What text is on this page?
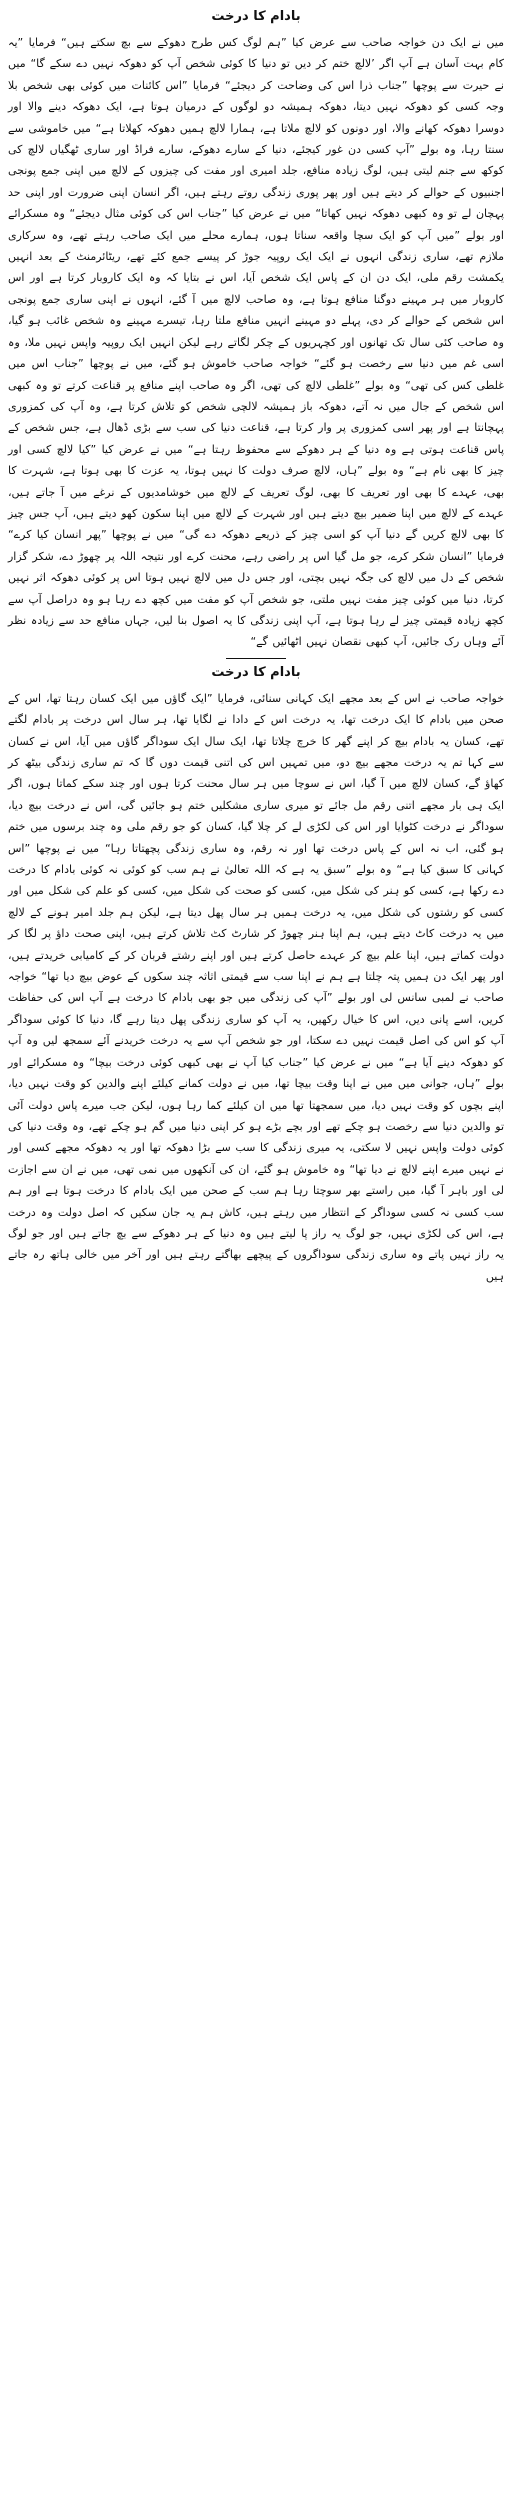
بادام کا درخت

میں نے ایک دن خواجہ صاحب سے عرض کیا ”ہم لوگ کس طرح دھوکے سے بچ سکتے ہیں“ فرمایا ”یہ کام بہت آسان ہے آپ اگر ’لالچ ختم کر دیں تو دنیا کا کوئی شخص آپ کو دھوکہ نہیں دے سکے گا“ میں نے حیرت سے پوچھا ”جناب ذرا اس کی وضاحت کر دیجئے“ فرمایا ”اس کائنات میں کوئی بھی شخص بلا وجہ کسی کو دھوکہ نہیں دیتا، دھوکہ ہمیشہ دو لوگوں کے درمیان ہوتا ہے، ایک دھوکہ دینے والا اور دوسرا دھوکہ کھانے والا، اور دونوں کو لالچ ملاتا ہے، ہمارا لالچ ہمیں دھوکہ کھلاتا ہے“ میں خاموشی سے سنتا رہا، وہ بولے ”آپ کسی دن غور کیجئے، دنیا کے سارے دھوکے، سارے فراڈ اور ساری ٹھگیاں لالچ کی کوکھ سے جنم لیتی ہیں، لوگ زیادہ منافع، جلد امیری اور مفت کی چیزوں کے لالچ میں اپنی جمع پونجی اجنبیوں کے حوالے کر دیتے ہیں اور پھر پوری زندگی روتے رہتے ہیں، اگر انسان اپنی ضرورت اور اپنی حد پہچان لے تو وہ کبھی دھوکہ نہیں کھاتا“ میں نے عرض کیا ”جناب اس کی کوئی مثال دیجئے“ وہ مسکرائے اور بولے ”میں آپ کو ایک سچا واقعہ سناتا ہوں، ہمارے محلے میں ایک صاحب رہتے تھے، وہ سرکاری ملازم تھے، ساری زندگی انہوں نے ایک ایک روپیہ جوڑ کر پیسے جمع کئے تھے، ریٹائرمنٹ کے بعد انہیں یکمشت رقم ملی، ایک دن ان کے پاس ایک شخص آیا، اس نے بتایا کہ وہ ایک کاروبار کرتا ہے اور اس کاروبار میں ہر مہینے دوگنا منافع ہوتا ہے، وہ صاحب لالچ میں آ گئے، انہوں نے اپنی ساری جمع پونجی اس شخص کے حوالے کر دی، پہلے دو مہینے انہیں منافع ملتا رہا، تیسرے مہینے وہ شخص غائب ہو گیا، وہ صاحب کئی سال تک تھانوں اور کچہریوں کے چکر لگاتے رہے لیکن انہیں ایک روپیہ واپس نہیں ملا، وہ اسی غم میں دنیا سے رخصت ہو گئے“ خواجہ صاحب خاموش ہو گئے، میں نے پوچھا ”جناب اس میں غلطی کس کی تھی“ وہ بولے ”غلطی لالچ کی تھی، اگر وہ صاحب اپنے منافع پر قناعت کرتے تو وہ کبھی اس شخص کے جال میں نہ آتے، دھوکہ باز ہمیشہ لالچی شخص کو تلاش کرتا ہے، وہ آپ کی کمزوری پہچانتا ہے اور پھر اسی کمزوری پر وار کرتا ہے، قناعت دنیا کی سب سے بڑی ڈھال ہے، جس شخص کے پاس قناعت ہوتی ہے وہ دنیا کے ہر دھوکے سے محفوظ رہتا ہے“ میں نے عرض کیا ”کیا لالچ کسی اور چیز کا بھی نام ہے“ وہ بولے ”ہاں، لالچ صرف دولت کا نہیں ہوتا، یہ عزت کا بھی ہوتا ہے، شہرت کا بھی، عہدے کا بھی اور تعریف کا بھی، لوگ تعریف کے لالچ میں خوشامدیوں کے نرغے میں آ جاتے ہیں، عہدے کے لالچ میں اپنا ضمیر بیچ دیتے ہیں اور شہرت کے لالچ میں اپنا سکون کھو دیتے ہیں، آپ جس چیز کا بھی لالچ کریں گے دنیا آپ کو اسی چیز کے ذریعے دھوکہ دے گی“ میں نے پوچھا ”پھر انسان کیا کرے“ فرمایا ”انسان شکر کرے، جو مل گیا اس پر راضی رہے، محنت کرے اور نتیجہ اللہ پر چھوڑ دے، شکر گزار شخص کے دل میں لالچ کی جگہ نہیں بچتی، اور جس دل میں لالچ نہیں ہوتا اس پر کوئی دھوکہ اثر نہیں کرتا، دنیا میں کوئی چیز مفت نہیں ملتی، جو شخص آپ کو مفت میں کچھ دے رہا ہو وہ دراصل آپ سے کچھ زیادہ قیمتی چیز لے رہا ہوتا ہے، آپ اپنی زندگی کا یہ اصول بنا لیں، جہاں منافع حد سے زیادہ نظر آئے وہاں رک جائیں، آپ کبھی نقصان نہیں اٹھائیں گے“

بادام کا درخت

خواجہ صاحب نے اس کے بعد مجھے ایک کہانی سنائی، فرمایا ”ایک گاؤں میں ایک کسان رہتا تھا، اس کے صحن میں بادام کا ایک درخت تھا، یہ درخت اس کے دادا نے لگایا تھا، ہر سال اس درخت پر بادام لگتے تھے، کسان یہ بادام بیچ کر اپنے گھر کا خرچ چلاتا تھا، ایک سال ایک سوداگر گاؤں میں آیا، اس نے کسان سے کہا تم یہ درخت مجھے بیچ دو، میں تمہیں اس کی اتنی قیمت دوں گا کہ تم ساری زندگی بیٹھ کر کھاؤ گے، کسان لالچ میں آ گیا، اس نے سوچا میں ہر سال محنت کرتا ہوں اور چند سکے کماتا ہوں، اگر ایک ہی بار مجھے اتنی رقم مل جائے تو میری ساری مشکلیں ختم ہو جائیں گی، اس نے درخت بیچ دیا، سوداگر نے درخت کٹوایا اور اس کی لکڑی لے کر چلا گیا، کسان کو جو رقم ملی وہ چند برسوں میں ختم ہو گئی، اب نہ اس کے پاس درخت تھا اور نہ رقم، وہ ساری زندگی پچھتاتا رہا“ میں نے پوچھا ”اس کہانی کا سبق کیا ہے“ وہ بولے ”سبق یہ ہے کہ اللہ تعالیٰ نے ہم سب کو کوئی نہ کوئی بادام کا درخت دے رکھا ہے، کسی کو ہنر کی شکل میں، کسی کو صحت کی شکل میں، کسی کو علم کی شکل میں اور کسی کو رشتوں کی شکل میں، یہ درخت ہمیں ہر سال پھل دیتا ہے، لیکن ہم جلد امیر ہونے کے لالچ میں یہ درخت کاٹ دیتے ہیں، ہم اپنا ہنر چھوڑ کر شارٹ کٹ تلاش کرتے ہیں، اپنی صحت داؤ پر لگا کر دولت کماتے ہیں، اپنا علم بیچ کر عہدے حاصل کرتے ہیں اور اپنے رشتے قربان کر کے کامیابی خریدتے ہیں، اور پھر ایک دن ہمیں پتہ چلتا ہے ہم نے اپنا سب سے قیمتی اثاثہ چند سکوں کے عوض بیچ دیا تھا“ خواجہ صاحب نے لمبی سانس لی اور بولے ”آپ کی زندگی میں جو بھی بادام کا درخت ہے آپ اس کی حفاظت کریں، اسے پانی دیں، اس کا خیال رکھیں، یہ آپ کو ساری زندگی پھل دیتا رہے گا، دنیا کا کوئی سوداگر آپ کو اس کی اصل قیمت نہیں دے سکتا، اور جو شخص آپ سے یہ درخت خریدنے آئے سمجھ لیں وہ آپ کو دھوکہ دینے آیا ہے“ میں نے عرض کیا ”جناب کیا آپ نے بھی کبھی کوئی درخت بیچا“ وہ مسکرائے اور بولے ”ہاں، جوانی میں میں نے اپنا وقت بیچا تھا، میں نے دولت کمانے کیلئے اپنے والدین کو وقت نہیں دیا، اپنے بچوں کو وقت نہیں دیا، میں سمجھتا تھا میں ان کیلئے کما رہا ہوں، لیکن جب میرے پاس دولت آئی تو والدین دنیا سے رخصت ہو چکے تھے اور بچے بڑے ہو کر اپنی دنیا میں گم ہو چکے تھے، وہ وقت دنیا کی کوئی دولت واپس نہیں لا سکتی، یہ میری زندگی کا سب سے بڑا دھوکہ تھا اور یہ دھوکہ مجھے کسی اور نے نہیں میرے اپنے لالچ نے دیا تھا“ وہ خاموش ہو گئے، ان کی آنکھوں میں نمی تھی، میں نے ان سے اجازت لی اور باہر آ گیا، میں راستے بھر سوچتا رہا ہم سب کے صحن میں ایک بادام کا درخت ہوتا ہے اور ہم سب کسی نہ کسی سوداگر کے انتظار میں رہتے ہیں، کاش ہم یہ جان سکیں کہ اصل دولت وہ درخت ہے، اس کی لکڑی نہیں، جو لوگ یہ راز پا لیتے ہیں وہ دنیا کے ہر دھوکے سے بچ جاتے ہیں اور جو لوگ یہ راز نہیں پاتے وہ ساری زندگی سوداگروں کے پیچھے بھاگتے رہتے ہیں اور آخر میں خالی ہاتھ رہ جاتے ہیں
